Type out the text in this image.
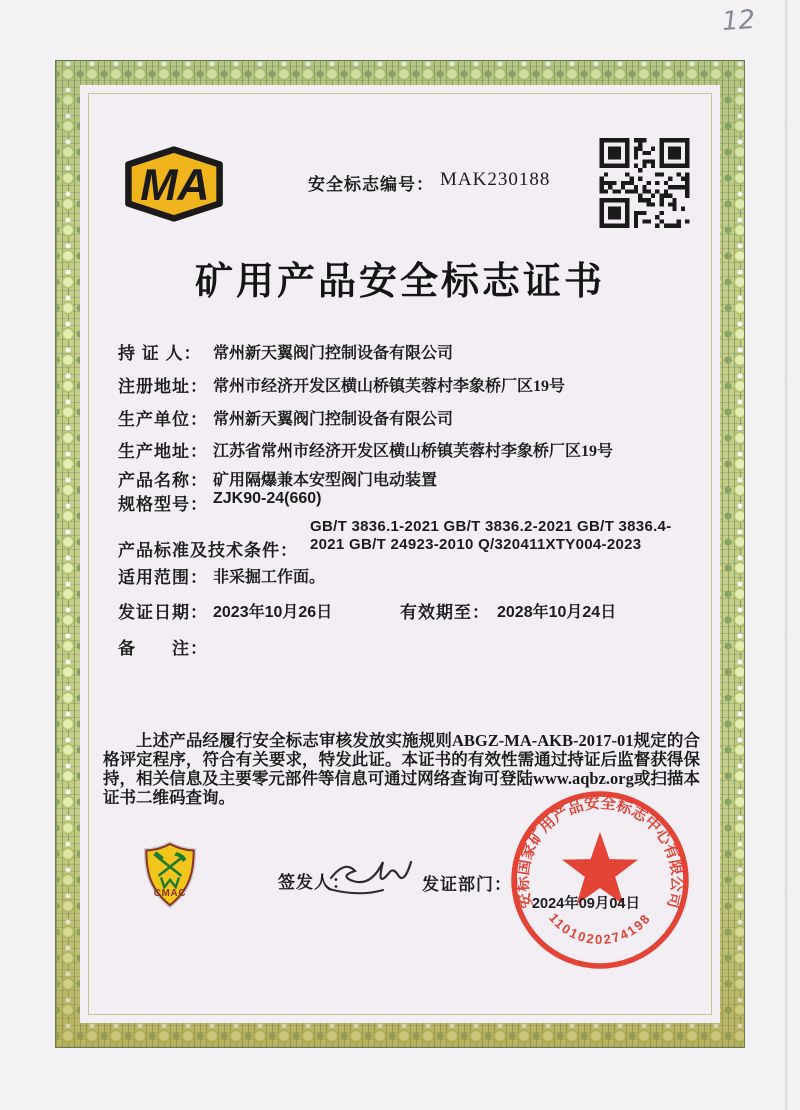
12
MA	安全标志编号： MAK230188
矿用产品安全标志证书
持 证 人： 常州新天翼阀门控制设备有限公司
注册地址： 常州市经济开发区横山桥镇芙蓉村李象桥厂区19号
生产单位： 常州新天翼阀门控制设备有限公司
生产地址： 江苏省常州市经济开发区横山桥镇芙蓉村李象桥厂区19号
产品名称： 矿用隔爆兼本安型阀门电动装置
规格型号： ZJK90-24(660)
产品标准及技术条件：
GB/T 3836.1-2021 GB/T 3836.2-2021 GB/T 3836.4-2021 GB/T 24923-2010 Q/320411XTY004-2023
适用范围： 非采掘工作面。
发证日期： 2023年10月26日	有效期至： 2028年10月24日
备　　注：
上述产品经履行安全标志审核发放实施规则ABGZ-MA-AKB-2017-01规定的合格评定程序，符合有关要求，特发此证。本证书的有效性需通过持证后监督获得保持，相关信息及主要零元部件等信息可通过网络查询可登陆www.aqbz.org或扫描本证书二维码查询。
CMAC
签发人：	发证部门：
安标国家矿用产品安全标志中心有限公司
1101020274198
2024年09月04日
